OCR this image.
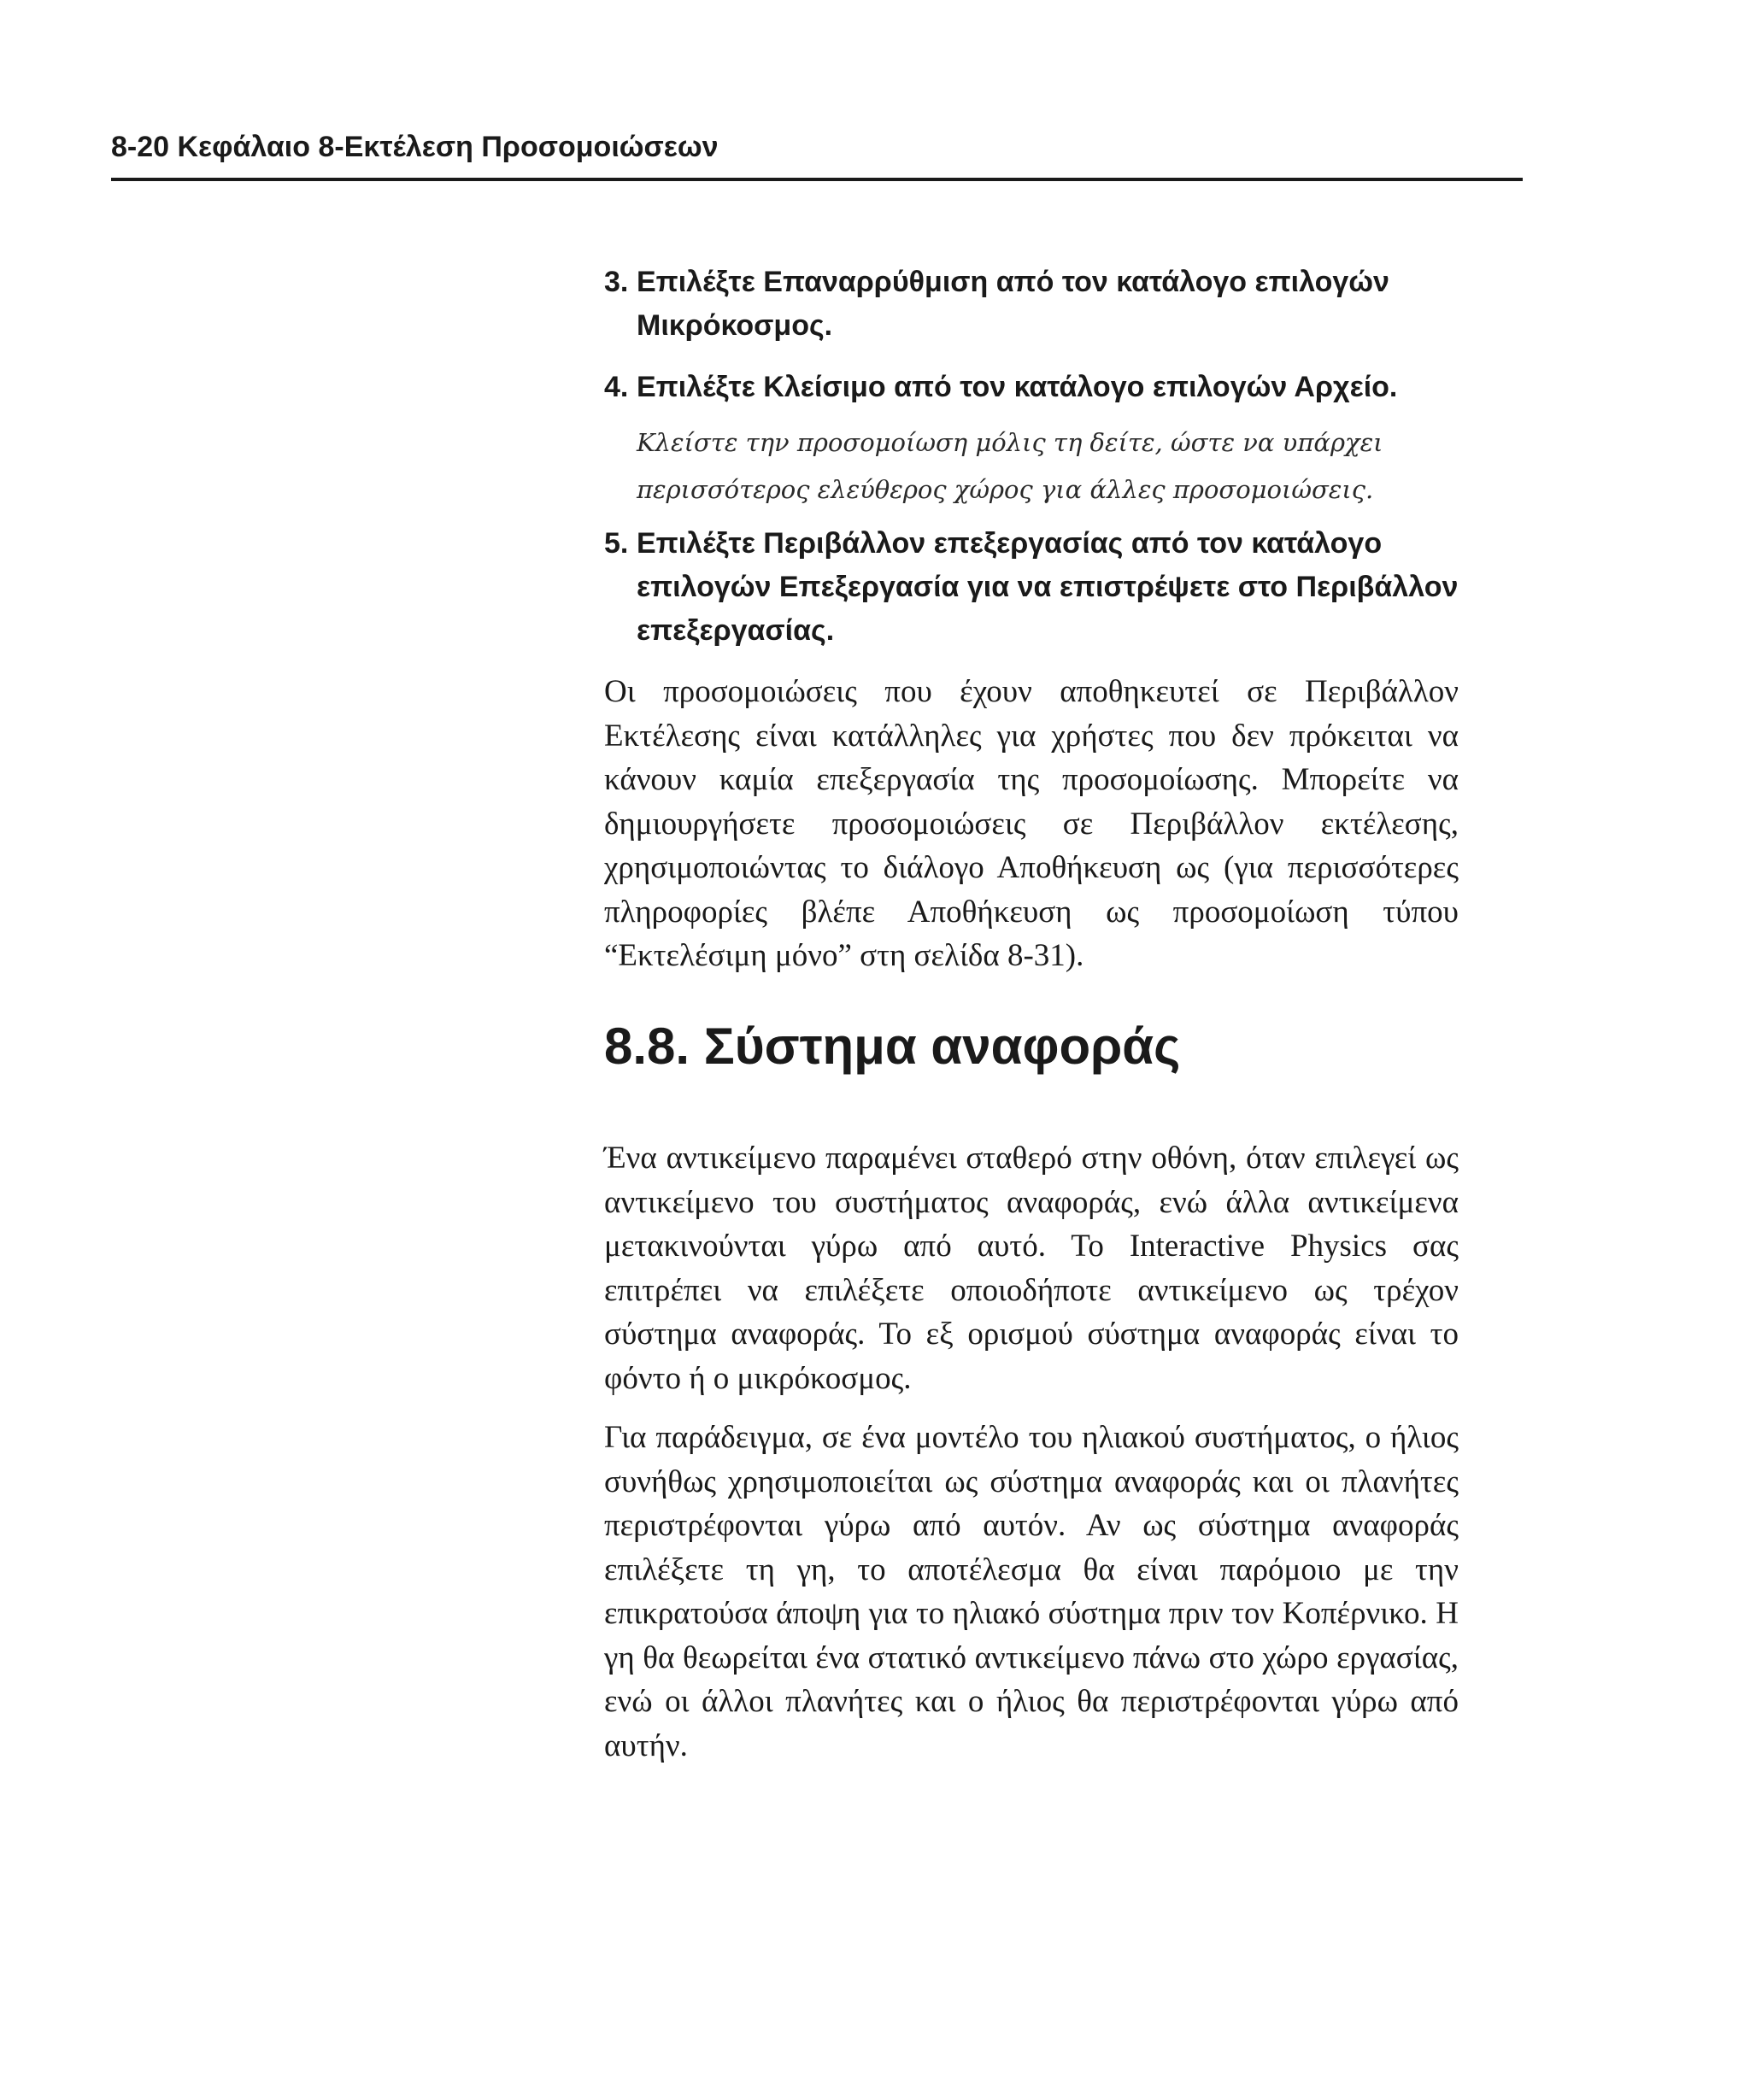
8-20 Κεφάλαιο 8-Εκτέλεση Προσομοιώσεων

3. Επιλέξτε Επαναρρύθμιση από τον κατάλογο επιλογών Μικρόκοσμος.
4. Επιλέξτε Κλείσιμο από τον κατάλογο επιλογών Αρχείο.
Κλείστε την προσομοίωση μόλις τη δείτε, ώστε να υπάρχει περισσότερος ελεύθερος χώρος για άλλες προσομοιώσεις.
5. Επιλέξτε Περιβάλλον επεξεργασίας από τον κατάλογο επιλογών Επεξεργασία για να επιστρέψετε στο Περιβάλλον επεξεργασίας.

Οι προσομοιώσεις που έχουν αποθηκευτεί σε Περιβάλλον Εκτέλεσης είναι κατάλληλες για χρήστες που δεν πρόκειται να κάνουν καμία επεξεργασία της προσομοίωσης. Μπορείτε να δημιουργήσετε προσομοιώσεις σε Περιβάλλον εκτέλεσης, χρησιμοποιώντας το διάλογο Αποθήκευση ως (για περισσότερες πληροφορίες βλέπε Αποθήκευση ως προσομοίωση τύπου “Εκτελέσιμη μόνο” στη σελίδα 8-31).

8.8. Σύστημα αναφοράς

Ένα αντικείμενο παραμένει σταθερό στην οθόνη, όταν επιλεγεί ως αντικείμενο του συστήματος αναφοράς, ενώ άλλα αντικείμενα μετακινούνται γύρω από αυτό. Το Interactive Physics σας επιτρέπει να επιλέξετε οποιοδήποτε αντικείμενο ως τρέχον σύστημα αναφοράς. Το εξ ορισμού σύστημα αναφοράς είναι το φόντο ή ο μικρόκοσμος.

Για παράδειγμα, σε ένα μοντέλο του ηλιακού συστήματος, ο ήλιος συνήθως χρησιμοποιείται ως σύστημα αναφοράς και οι πλανήτες περιστρέφονται γύρω από αυτόν. Αν ως σύστημα αναφοράς επιλέξετε τη γη, το αποτέλεσμα θα είναι παρόμοιο με την επικρατούσα άποψη για το ηλιακό σύστημα πριν τον Κοπέρνικο. Η γη θα θεωρείται ένα στατικό αντικείμενο πάνω στο χώρο εργασίας, ενώ οι άλλοι πλανήτες και ο ήλιος θα περιστρέφονται γύρω από αυτήν.
